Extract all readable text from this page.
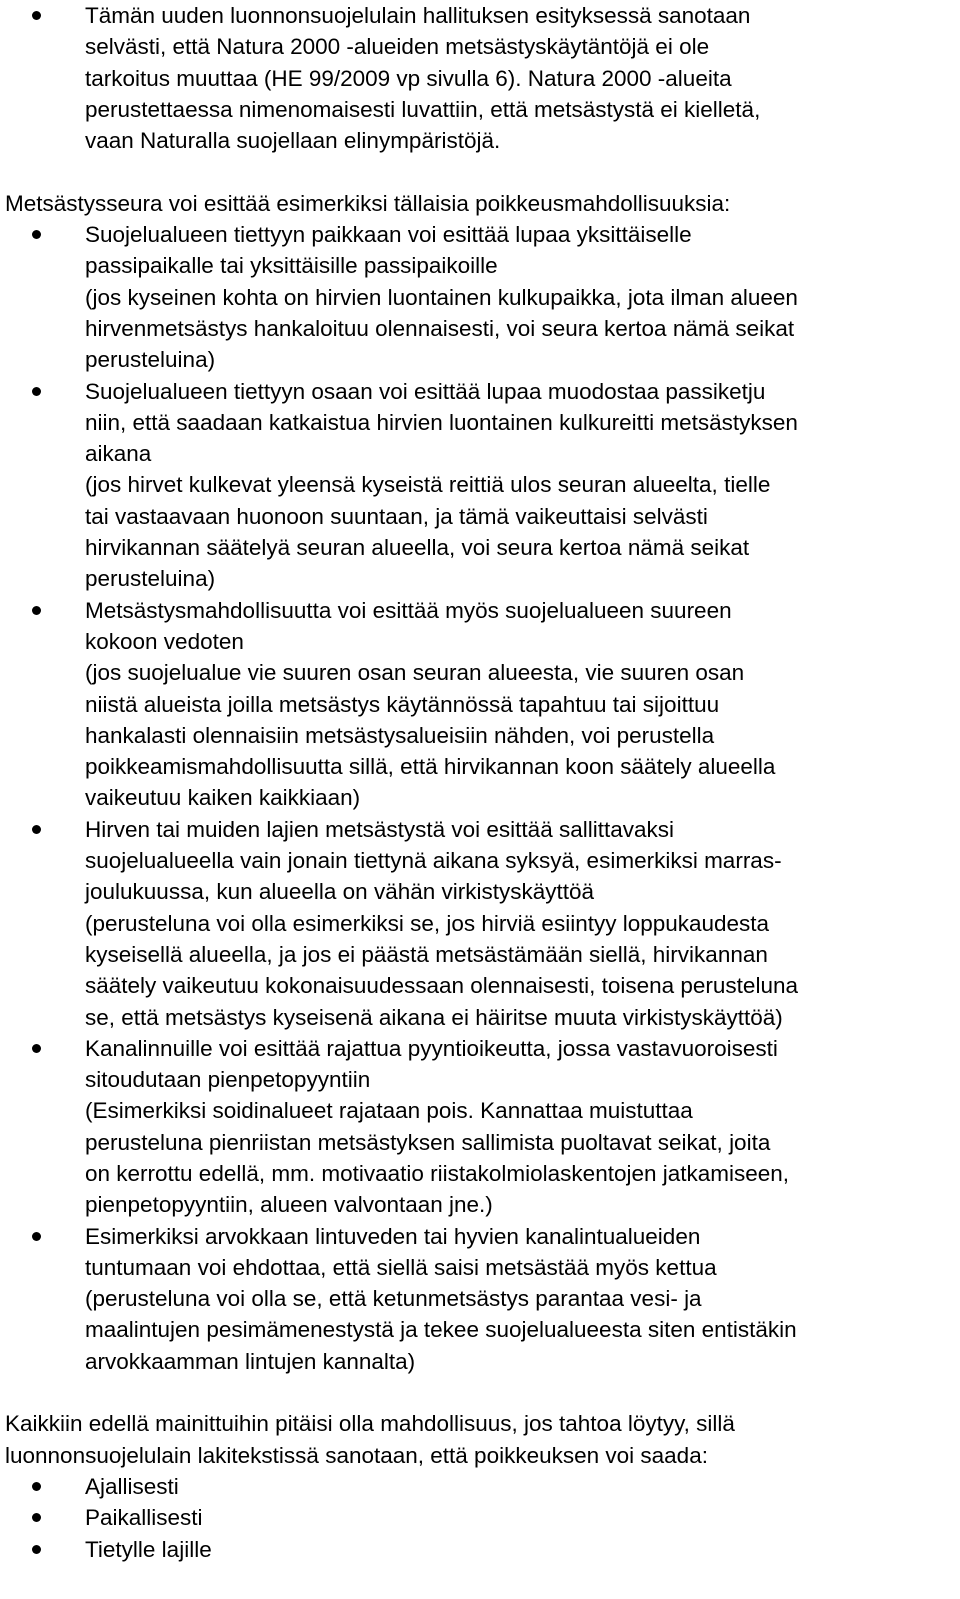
Tämän uuden luonnonsuojelulain hallituksen esityksessä sanotaan
selvästi, että Natura 2000 -alueiden metsästyskäytäntöjä ei ole
tarkoitus muuttaa (HE 99/2009 vp sivulla 6). Natura 2000 -alueita
perustettaessa nimenomaisesti luvattiin, että metsästystä ei kielletä,
vaan Naturalla suojellaan elinympäristöjä.

Metsästysseura voi esittää esimerkiksi tällaisia poikkeusmahdollisuuksia:

Suojelualueen tiettyyn paikkaan voi esittää lupaa yksittäiselle
passipaikalle tai yksittäisille passipaikoille
(jos kyseinen kohta on hirvien luontainen kulkupaikka, jota ilman alueen
hirvenmetsästys hankaloituu olennaisesti, voi seura kertoa nämä seikat
perusteluina)
Suojelualueen tiettyyn osaan voi esittää lupaa muodostaa passiketju
niin, että saadaan katkaistua hirvien luontainen kulkureitti metsästyksen
aikana
(jos hirvet kulkevat yleensä kyseistä reittiä ulos seuran alueelta, tielle
tai vastaavaan huonoon suuntaan, ja tämä vaikeuttaisi selvästi
hirvikannan säätelyä seuran alueella, voi seura kertoa nämä seikat
perusteluina)
Metsästysmahdollisuutta voi esittää myös suojelualueen suureen
kokoon vedoten
(jos suojelualue vie suuren osan seuran alueesta, vie suuren osan
niistä alueista joilla metsästys käytännössä tapahtuu tai sijoittuu
hankalasti olennaisiin metsästysalueisiin nähden, voi perustella
poikkeamismahdollisuutta sillä, että hirvikannan koon säätely alueella
vaikeutuu kaiken kaikkiaan)
Hirven tai muiden lajien metsästystä voi esittää sallittavaksi
suojelualueella vain jonain tiettynä aikana syksyä, esimerkiksi marras-
joulukuussa, kun alueella on vähän virkistyskäyttöä
(perusteluna voi olla esimerkiksi se, jos hirviä esiintyy loppukaudesta
kyseisellä alueella, ja jos ei päästä metsästämään siellä, hirvikannan
säätely vaikeutuu kokonaisuudessaan olennaisesti, toisena perusteluna
se, että metsästys kyseisenä aikana ei häiritse muuta virkistyskäyttöä)
Kanalinnuille voi esittää rajattua pyyntioikeutta, jossa vastavuoroisesti
sitoudutaan pienpetopyyntiin
(Esimerkiksi soidinalueet rajataan pois. Kannattaa muistuttaa
perusteluna pienriistan metsästyksen sallimista puoltavat seikat, joita
on kerrottu edellä, mm. motivaatio riistakolmiolaskentojen jatkamiseen,
pienpetopyyntiin, alueen valvontaan jne.)
Esimerkiksi arvokkaan lintuveden tai hyvien kanalintualueiden
tuntumaan voi ehdottaa, että siellä saisi metsästää myös kettua
(perusteluna voi olla se, että ketunmetsästys parantaa vesi- ja
maalintujen pesimämenestystä ja tekee suojelualueesta siten entistäkin
arvokkaamman lintujen kannalta)

Kaikkiin edellä mainittuihin pitäisi olla mahdollisuus, jos tahtoa löytyy, sillä
luonnonsuojelulain lakitekstissä sanotaan, että poikkeuksen voi saada:

Ajallisesti
Paikallisesti
Tietylle lajille
